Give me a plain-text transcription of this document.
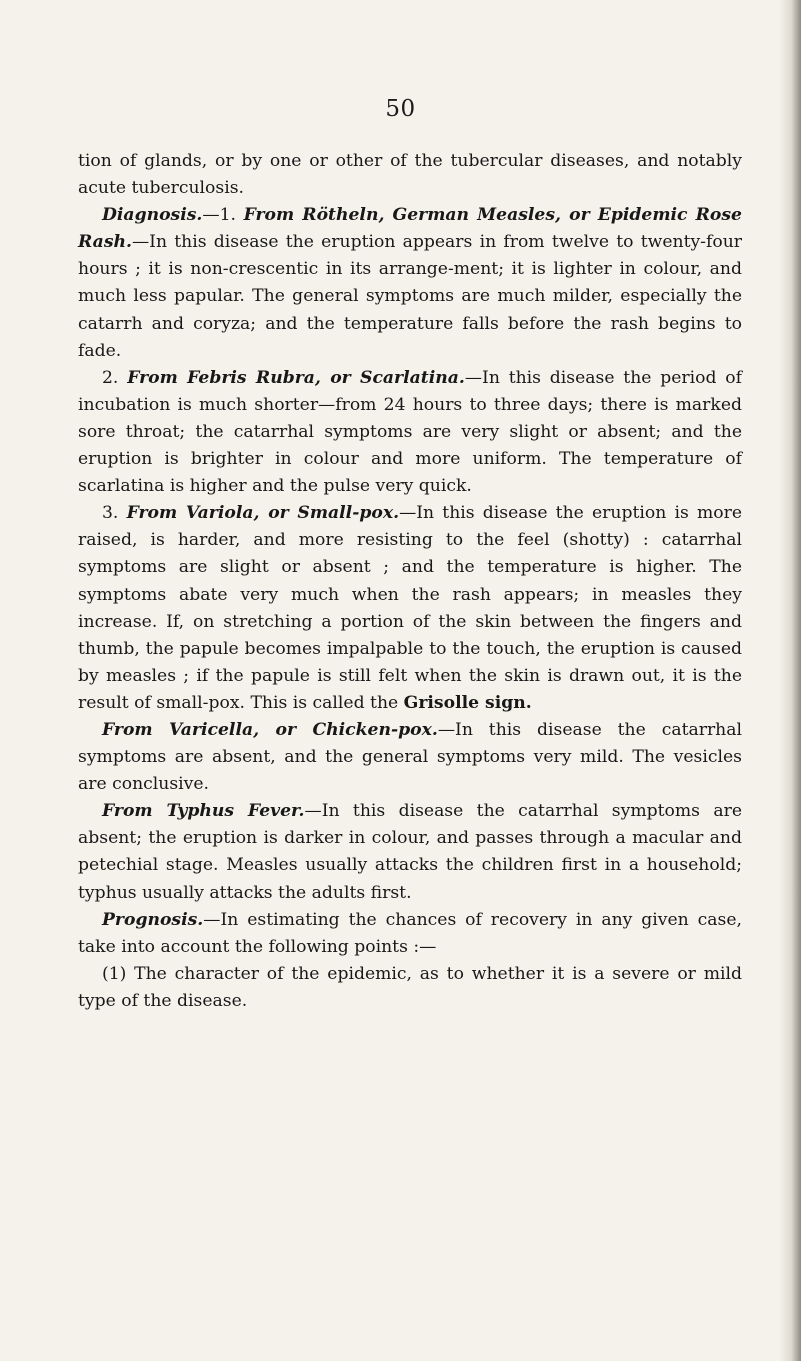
50

tion of glands, or by one or other of the tubercular diseases, and notably acute tuberculosis.

Diagnosis.—1. From Rötheln, German Measles, or Epidemic Rose Rash.—In this disease the eruption appears in from twelve to twenty-four hours ; it is non-crescentic in its arrange-ment; it is lighter in colour, and much less papular. The general symptoms are much milder, especially the catarrh and coryza; and the temperature falls before the rash begins to fade.

2. From Febris Rubra, or Scarlatina.—In this disease the period of incubation is much shorter—from 24 hours to three days; there is marked sore throat; the catarrhal symptoms are very slight or absent; and the eruption is brighter in colour and more uniform. The temperature of scarlatina is higher and the pulse very quick.

3. From Variola, or Small-pox.—In this disease the eruption is more raised, is harder, and more resisting to the feel (shotty) : catarrhal symptoms are slight or absent ; and the temperature is higher. The symptoms abate very much when the rash appears; in measles they increase. If, on stretching a portion of the skin between the fingers and thumb, the papule becomes impalpable to the touch, the eruption is caused by measles ; if the papule is still felt when the skin is drawn out, it is the result of small-pox. This is called the Grisolle sign.

From Varicella, or Chicken-pox.—In this disease the catarrhal symptoms are absent, and the general symptoms very mild. The vesicles are conclusive.

From Typhus Fever.—In this disease the catarrhal symptoms are absent; the eruption is darker in colour, and passes through a macular and petechial stage. Measles usually attacks the children first in a household; typhus usually attacks the adults first.

Prognosis.—In estimating the chances of recovery in any given case, take into account the following points :—

(1) The character of the epidemic, as to whether it is a severe or mild type of the disease.
